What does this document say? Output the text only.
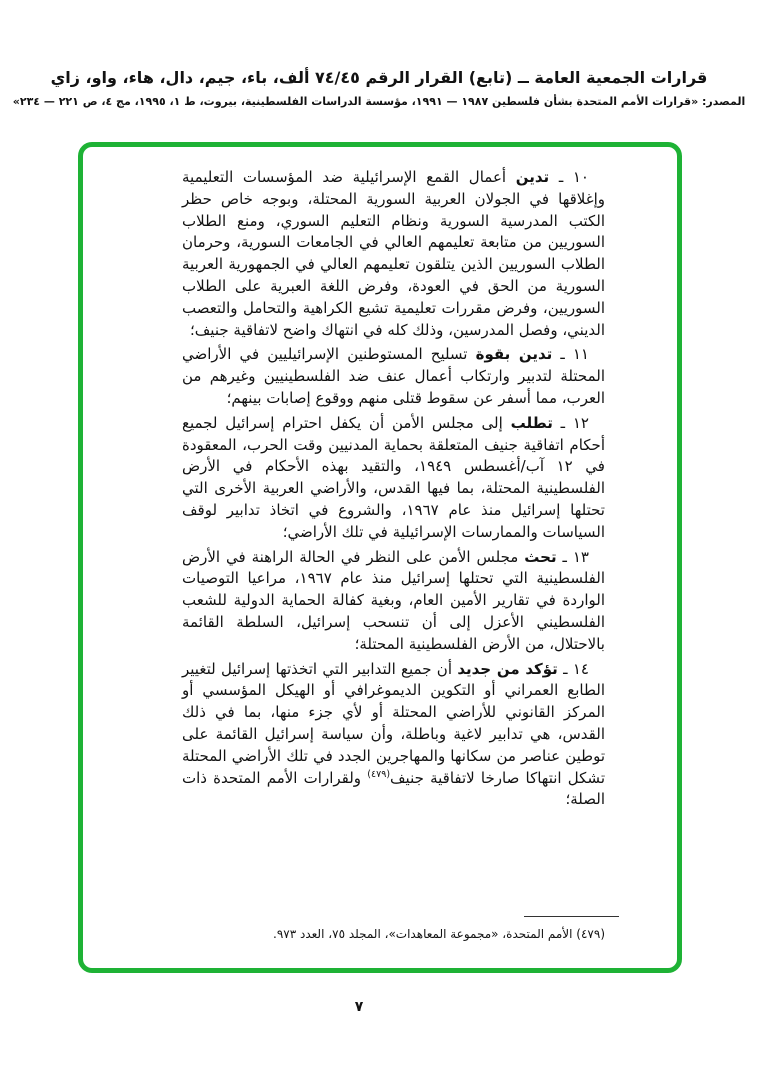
قرارات الجمعية العامة ــ (تابع) القرار الرقم ٧٤/٤٥ ألف، باء، جيم، دال، هاء، واو، زاي
المصدر: «قرارات الأمم المتحدة بشأن فلسطين ١٩٨٧ — ١٩٩١، مؤسسة الدراسات الفلسطينية، بيروت، ط ١، ١٩٩٥، مج ٤، ص ٢٢١ — ٢٣٤»

١٠ ـ تدين أعمال القمع الإسرائيلية ضد المؤسسات التعليمية وإغلاقها في الجولان العربية السورية المحتلة، وبوجه خاص حظر الكتب المدرسية السورية ونظام التعليم السوري، ومنع الطلاب السوريين من متابعة تعليمهم العالي في الجامعات السورية، وحرمان الطلاب السوريين الذين يتلقون تعليمهم العالي في الجمهورية العربية السورية من الحق في العودة، وفرض اللغة العبرية على الطلاب السوريين، وفرض مقررات تعليمية تشيع الكراهية والتحامل والتعصب الديني، وفصل المدرسين، وذلك كله في انتهاك واضح لاتفاقية جنيف؛

١١ ـ تدين بقوة تسليح المستوطنين الإسرائيليين في الأراضي المحتلة لتدبير وارتكاب أعمال عنف ضد الفلسطينيين وغيرهم من العرب، مما أسفر عن سقوط قتلى منهم ووقوع إصابات بينهم؛

١٢ ـ تطلب إلى مجلس الأمن أن يكفل احترام إسرائيل لجميع أحكام اتفاقية جنيف المتعلقة بحماية المدنيين وقت الحرب، المعقودة في ١٢ آب/أغسطس ١٩٤٩، والتقيد بهذه الأحكام في الأرض الفلسطينية المحتلة، بما فيها القدس، والأراضي العربية الأخرى التي تحتلها إسرائيل منذ عام ١٩٦٧، والشروع في اتخاذ تدابير لوقف السياسات والممارسات الإسرائيلية في تلك الأراضي؛

١٣ ـ تحث مجلس الأمن على النظر في الحالة الراهنة في الأرض الفلسطينية التي تحتلها إسرائيل منذ عام ١٩٦٧، مراعيا التوصيات الواردة في تقارير الأمين العام، وبغية كفالة الحماية الدولية للشعب الفلسطيني الأعزل إلى أن تنسحب إسرائيل، السلطة القائمة بالاحتلال، من الأرض الفلسطينية المحتلة؛

١٤ ـ تؤكد من جديد أن جميع التدابير التي اتخذتها إسرائيل لتغيير الطابع العمراني أو التكوين الديموغرافي أو الهيكل المؤسسي أو المركز القانوني للأراضي المحتلة أو لأي جزء منها، بما في ذلك القدس، هي تدابير لاغية وباطلة، وأن سياسة إسرائيل القائمة على توطين عناصر من سكانها والمهاجرين الجدد في تلك الأراضي المحتلة تشكل انتهاكا صارخا لاتفاقية جنيف$^{(٤٧٩)}$ ولقرارات الأمم المتحدة ذات الصلة؛

(٤٧٩) الأمم المتحدة، «مجموعة المعاهدات»، المجلد ٧٥، العدد ٩٧٣.
٧
